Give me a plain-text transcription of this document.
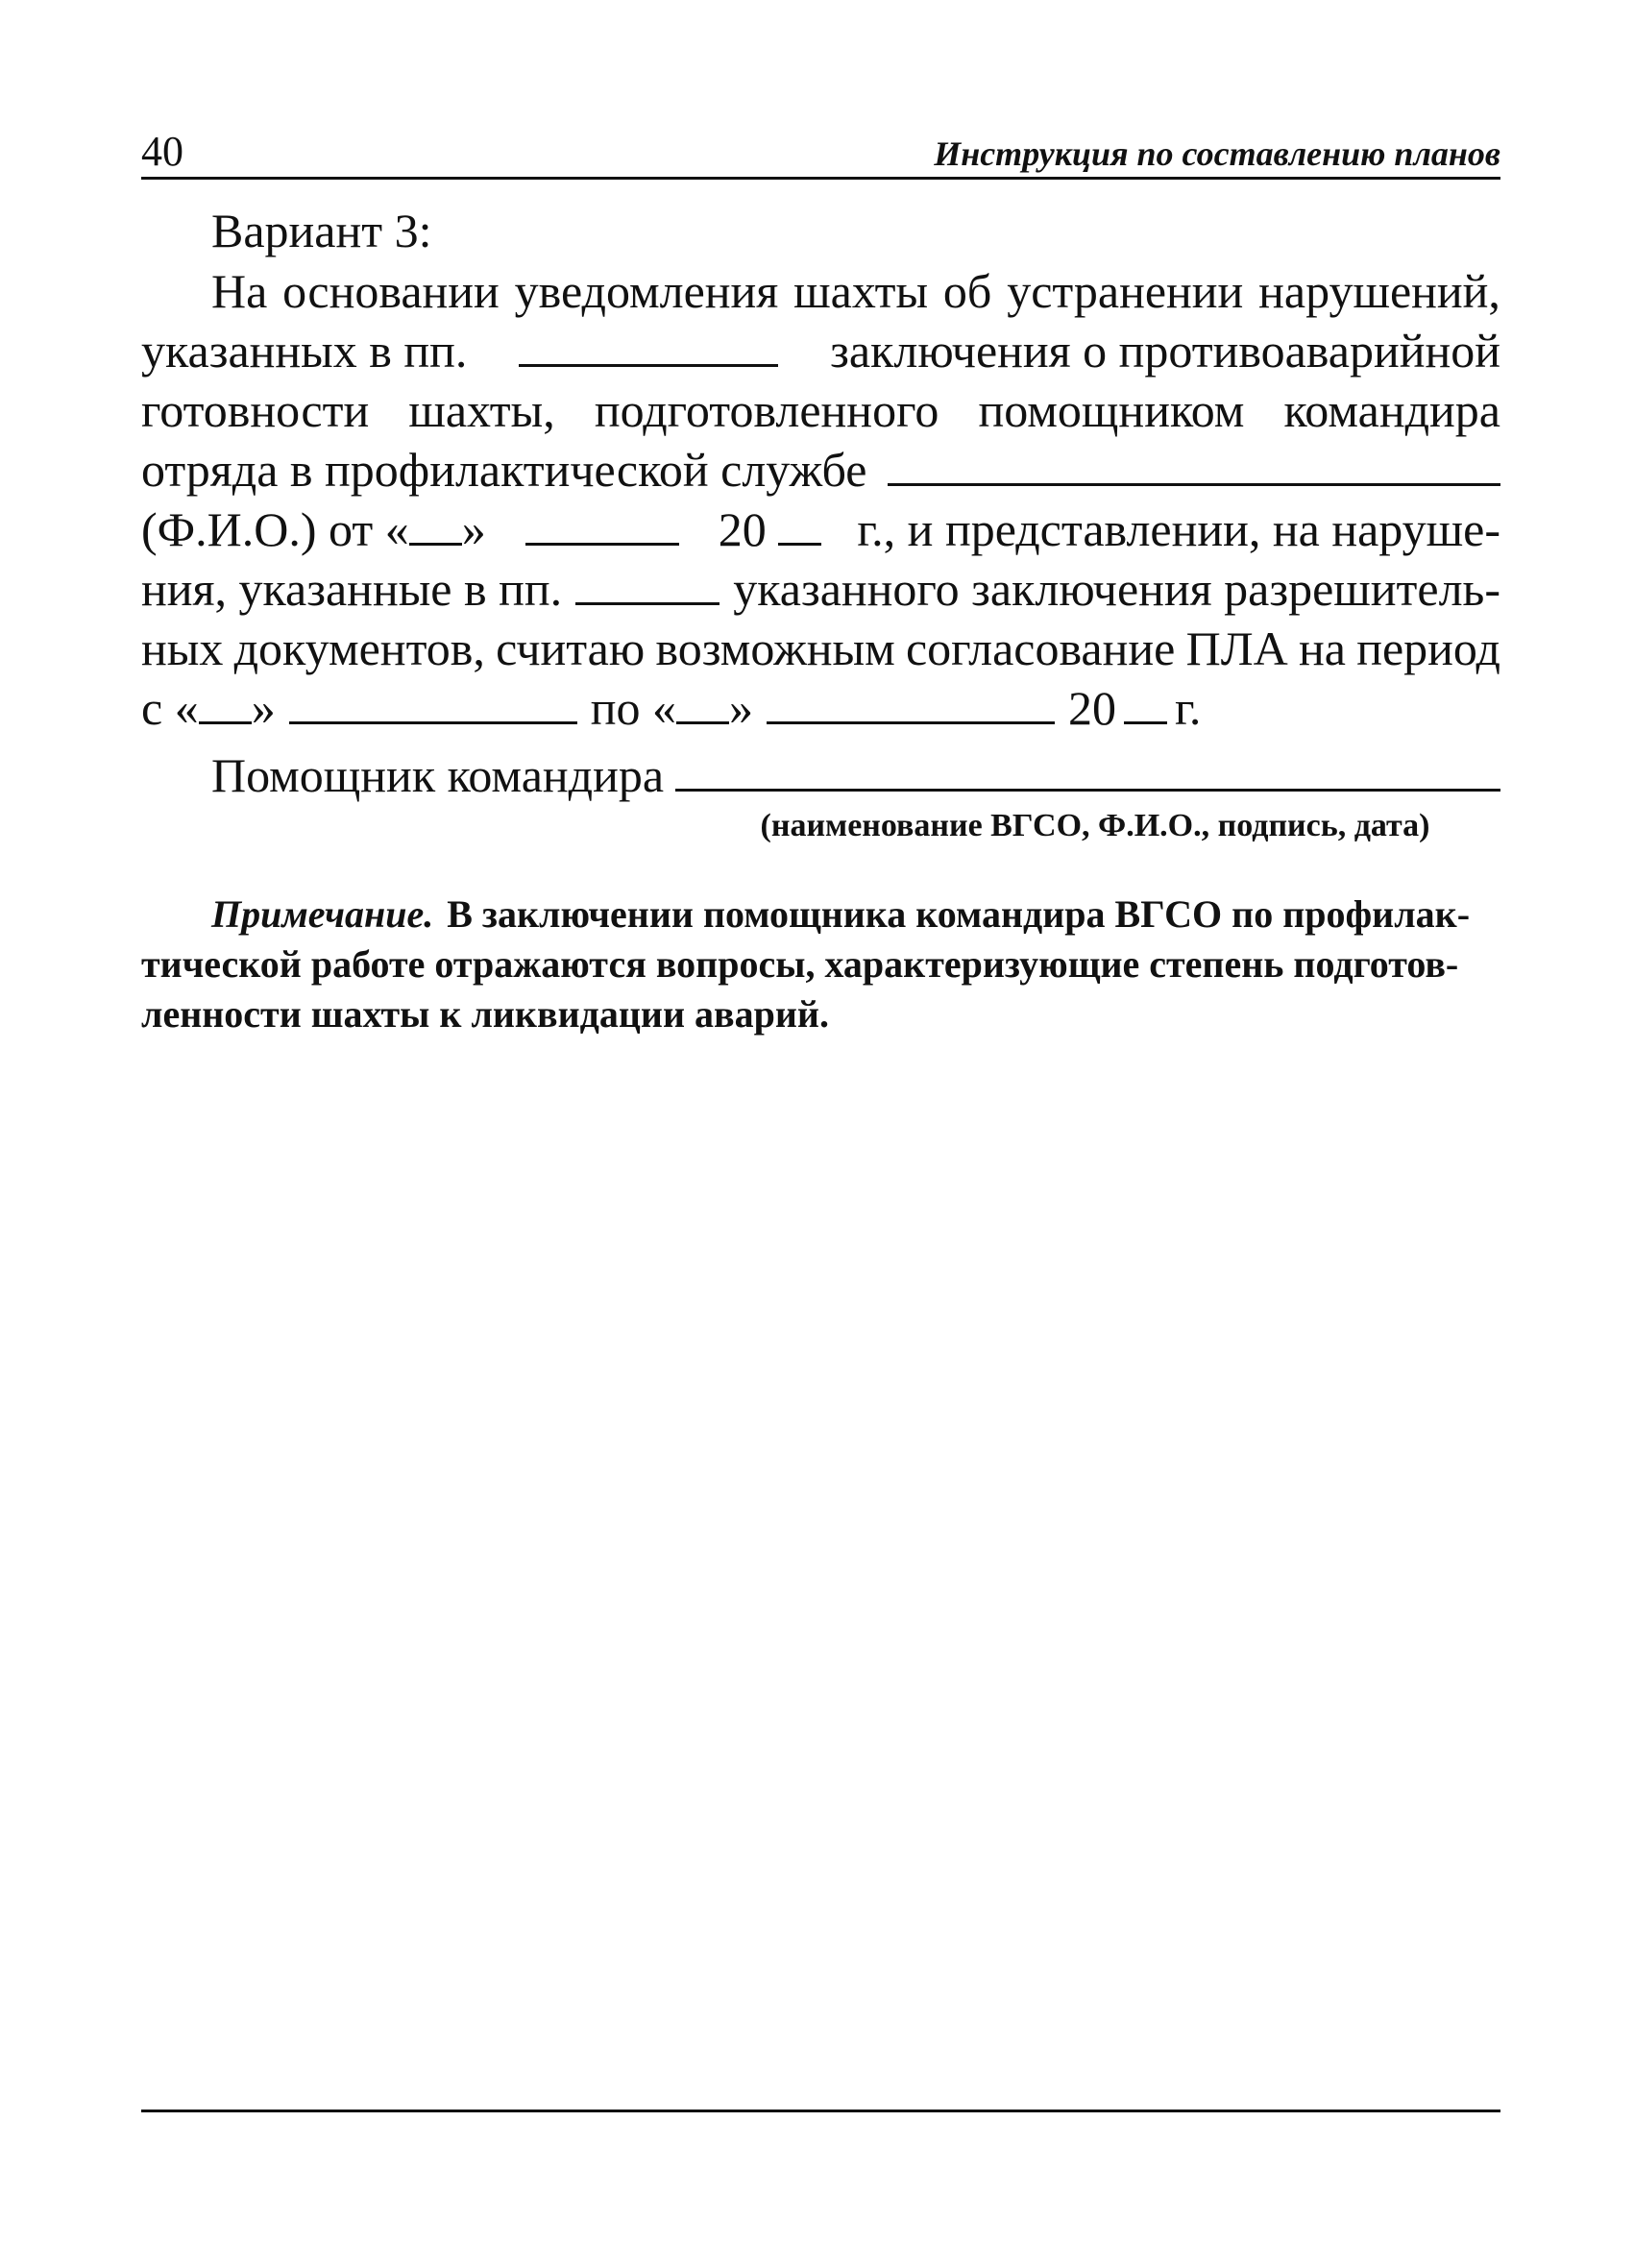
40	Инструкция по составлению планов
Вариант 3:
На основании уведомления шахты об устранении нарушений,
указанных в пп.	заключения о противоаварийной
готовности шахты, подготовленного помощником командира
отряда в профилактической службе
(Ф.И.О.) от « »	20	г., и представлении, на наруше-
ния, указанные в пп.	указанного заключения разрешитель-
ных документов, считаю возможным согласование ПЛА на период
с « »	по « »	20 г.
Помощник командира
(наименование ВГСО, Ф.И.О., подпись, дата)
Примечание. В заключении помощника командира ВГСО по профилак-
тической работе отражаются вопросы, характеризующие степень подготов-
ленности шахты к ликвидации аварий.
